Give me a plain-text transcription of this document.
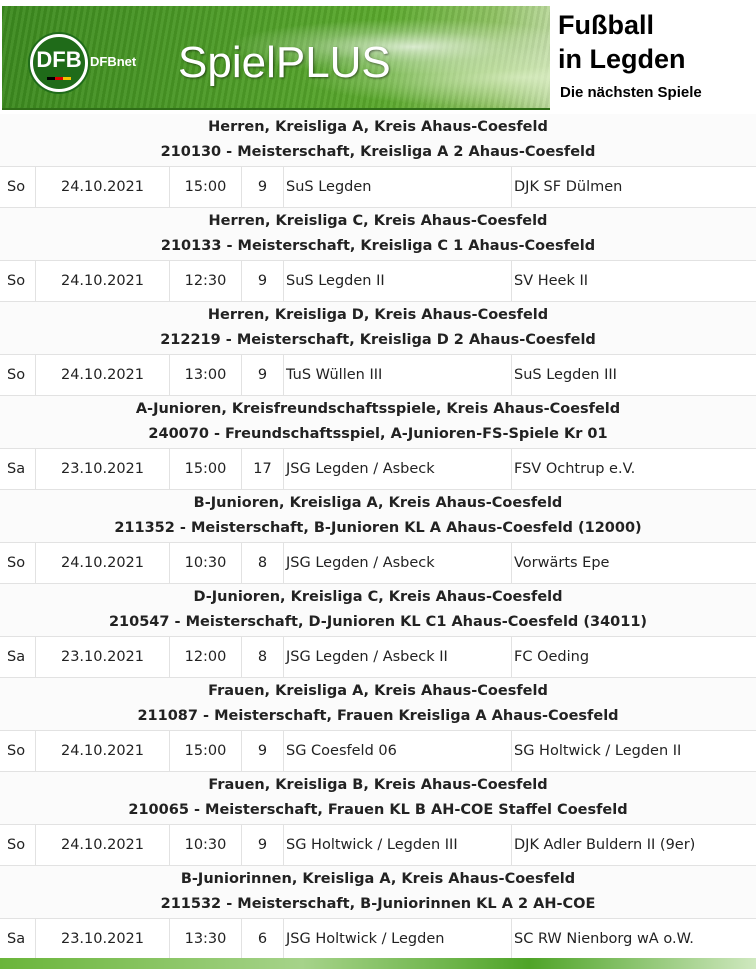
DFB DFBnet SpielPLUS
Fußball
in Legden
Die nächsten Spiele
Herren, Kreisliga A, Kreis Ahaus-Coesfeld
210130 - Meisterschaft, Kreisliga A 2 Ahaus-Coesfeld
So	24.10.2021	15:00	9	SuS Legden	DJK SF Dülmen
Herren, Kreisliga C, Kreis Ahaus-Coesfeld
210133 - Meisterschaft, Kreisliga C 1 Ahaus-Coesfeld
So	24.10.2021	12:30	9	SuS Legden II	SV Heek II
Herren, Kreisliga D, Kreis Ahaus-Coesfeld
212219 - Meisterschaft, Kreisliga D 2 Ahaus-Coesfeld
So	24.10.2021	13:00	9	TuS Wüllen III	SuS Legden III
A-Junioren, Kreisfreundschaftsspiele, Kreis Ahaus-Coesfeld
240070 - Freundschaftsspiel, A-Junioren-FS-Spiele Kr 01
Sa	23.10.2021	15:00	17 JSG Legden / Asbeck	FSV Ochtrup e.V.
B-Junioren, Kreisliga A, Kreis Ahaus-Coesfeld
211352 - Meisterschaft, B-Junioren KL A Ahaus-Coesfeld (12000)
So	24.10.2021	10:30	8	JSG Legden / Asbeck	Vorwärts Epe
D-Junioren, Kreisliga C, Kreis Ahaus-Coesfeld
210547 - Meisterschaft, D-Junioren KL C1 Ahaus-Coesfeld (34011)
Sa	23.10.2021	12:00	8	JSG Legden / Asbeck II	FC Oeding
Frauen, Kreisliga A, Kreis Ahaus-Coesfeld
211087 - Meisterschaft, Frauen Kreisliga A Ahaus-Coesfeld
So	24.10.2021	15:00	9	SG Coesfeld 06	SG Holtwick / Legden II
Frauen, Kreisliga B, Kreis Ahaus-Coesfeld
210065 - Meisterschaft, Frauen KL B AH-COE Staffel Coesfeld
So	24.10.2021	10:30	9	SG Holtwick / Legden III	DJK Adler Buldern II (9er)
B-Juniorinnen, Kreisliga A, Kreis Ahaus-Coesfeld
211532 - Meisterschaft, B-Juniorinnen KL A 2 AH-COE
Sa	23.10.2021	13:30	6	JSG Holtwick / Legden	SC RW Nienborg wA o.W.
